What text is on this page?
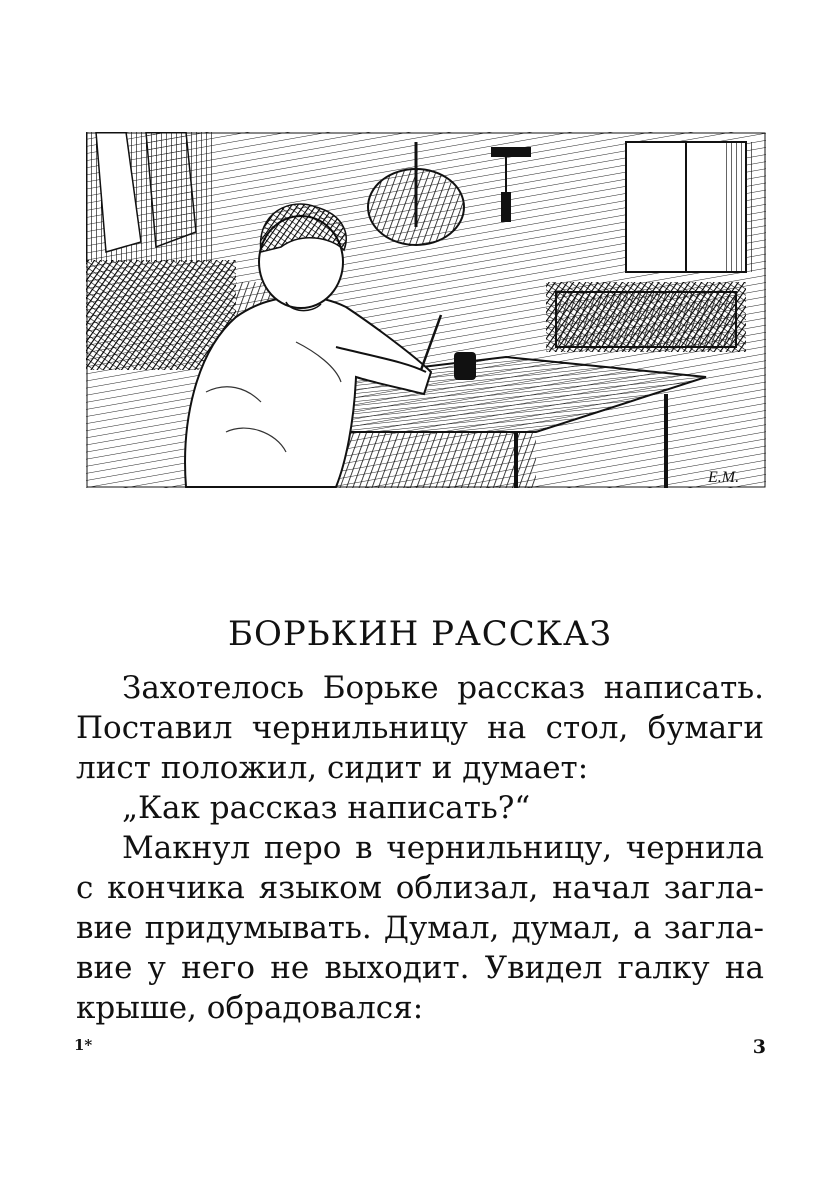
Е.М.
БОРЬКИН РАССКАЗ

Захотелось Борьке рассказ написать. Поставил чернильницу на стол, бумаги лист положил, сидит и думает:

„Как рассказ написать?“

Макнул перо в чернильницу, чернила с кончика языком облизал, начал заглавие придумывать. Думал, думал, а заглавие у него не выходит. Увидел галку на крыше, обрадовался:

1*	3
